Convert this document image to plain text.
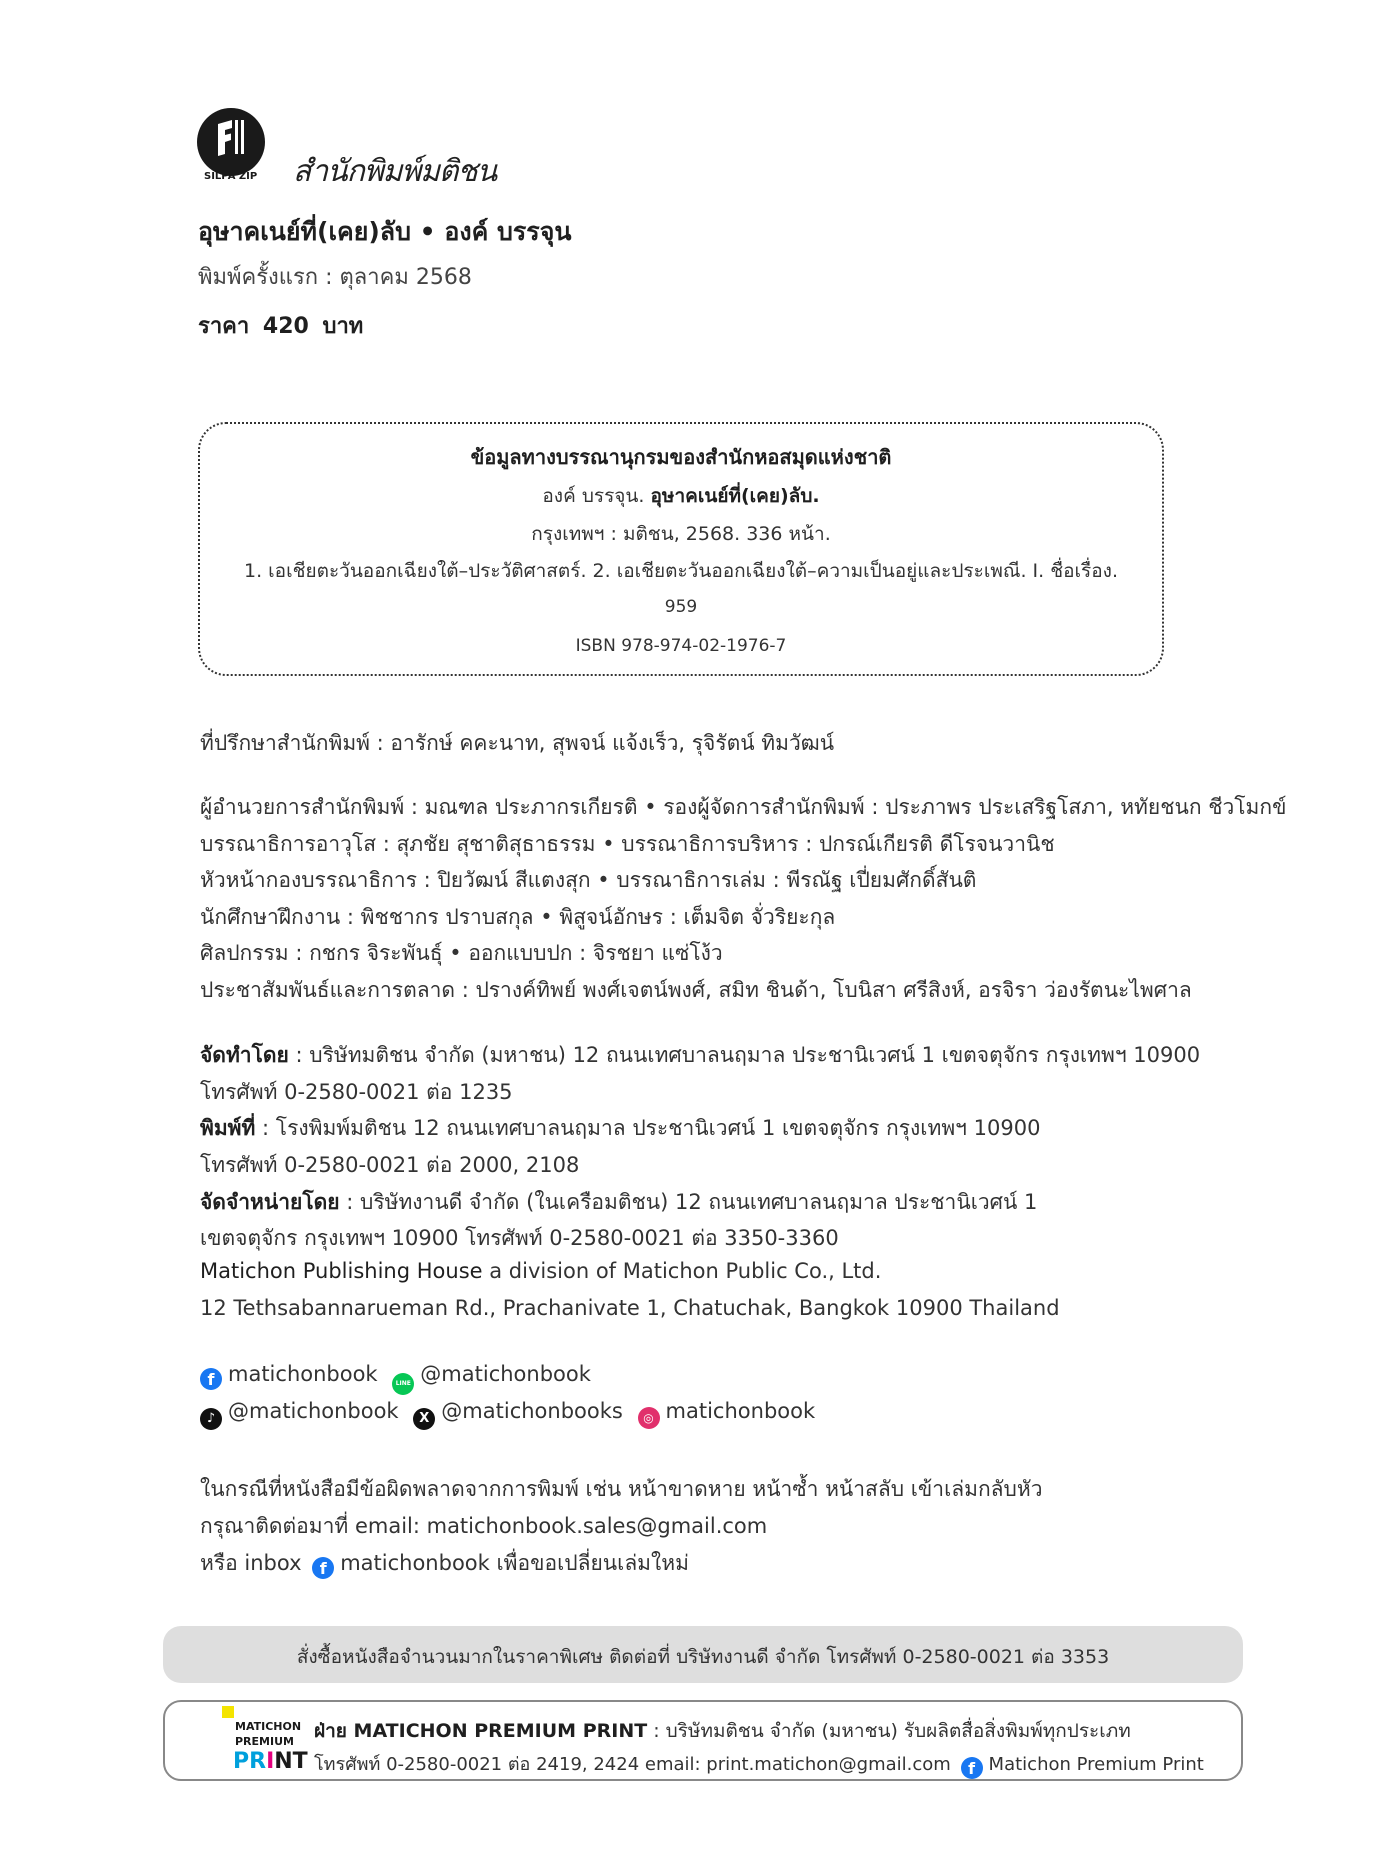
SILPA ZIP สำนักพิมพ์มติชน
อุษาคเนย์ที่(เคย)ลับ • องค์ บรรจุน
พิมพ์ครั้งแรก : ตุลาคม 2568
ราคา 420 บาท
ข้อมูลทางบรรณานุกรมของสำนักหอสมุดแห่งชาติ
องค์ บรรจุน. อุษาคเนย์ที่(เคย)ลับ.
กรุงเทพฯ : มติชน, 2568. 336 หน้า.
1. เอเชียตะวันออกเฉียงใต้–ประวัติศาสตร์. 2. เอเชียตะวันออกเฉียงใต้–ความเป็นอยู่และประเพณี. I. ชื่อเรื่อง.
959
ISBN 978-974-02-1976-7
ที่ปรึกษาสำนักพิมพ์ : อารักษ์ คคะนาท, สุพจน์ แจ้งเร็ว, รุจิรัตน์ ทิมวัฒน์
ผู้อำนวยการสำนักพิมพ์ : มณฑล ประภากรเกียรติ • รองผู้จัดการสำนักพิมพ์ : ประภาพร ประเสริฐโสภา, หทัยชนก ชีวโมกข์
บรรณาธิการอาวุโส : สุภชัย สุชาติสุธาธรรม • บรรณาธิการบริหาร : ปกรณ์เกียรติ ดีโรจนวานิช
หัวหน้ากองบรรณาธิการ : ปิยวัฒน์ สีแตงสุก • บรรณาธิการเล่ม : พีรณัฐ เปี่ยมศักดิ์สันติ
นักศึกษาฝึกงาน : พิชชากร ปราบสกุล • พิสูจน์อักษร : เต็มจิต จั่วริยะกุล
ศิลปกรรม : กชกร จิระพันธุ์ • ออกแบบปก : จิรชยา แซ่โง้ว
ประชาสัมพันธ์และการตลาด : ปรางค์ทิพย์ พงศ์เจตน์พงศ์, สมิท ชินด้า, โบนิสา ศรีสิงห์, อรจิรา ว่องรัตนะไพศาล
จัดทำโดย : บริษัทมติชน จำกัด (มหาชน) 12 ถนนเทศบาลนฤมาล ประชานิเวศน์ 1 เขตจตุจักร กรุงเทพฯ 10900
โทรศัพท์ 0-2580-0021 ต่อ 1235
พิมพ์ที่ : โรงพิมพ์มติชน 12 ถนนเทศบาลนฤมาล ประชานิเวศน์ 1 เขตจตุจักร กรุงเทพฯ 10900
โทรศัพท์ 0-2580-0021 ต่อ 2000, 2108
จัดจำหน่ายโดย : บริษัทงานดี จำกัด (ในเครือมติชน) 12 ถนนเทศบาลนฤมาล ประชานิเวศน์ 1
เขตจตุจักร กรุงเทพฯ 10900 โทรศัพท์ 0-2580-0021 ต่อ 3350-3360
Matichon Publishing House a division of Matichon Public Co., Ltd.
12 Tethsabannarueman Rd., Prachanivate 1, Chatuchak, Bangkok 10900 Thailand
f matichonbook	LINE @matichonbook
♪ @matichonbook X @matichonbooks ◎ matichonbook
ในกรณีที่หนังสือมีข้อผิดพลาดจากการพิมพ์ เช่น หน้าขาดหาย หน้าซ้ำ หน้าสลับ เข้าเล่มกลับหัว
กรุณาติดต่อมาที่ email: matichonbook.sales@gmail.com
หรือ inbox f matichonbook เพื่อขอเปลี่ยนเล่มใหม่
สั่งซื้อหนังสือจำนวนมากในราคาพิเศษ ติดต่อที่ บริษัทงานดี จำกัด โทรศัพท์ 0-2580-0021 ต่อ 3353
MATICHON
PREMIUM
PRINT
ฝ่าย MATICHON PREMIUM PRINT : บริษัทมติชน จำกัด (มหาชน) รับผลิตสื่อสิ่งพิมพ์ทุกประเภท
โทรศัพท์ 0-2580-0021 ต่อ 2419, 2424 email: print.matichon@gmail.com f Matichon Premium Print
